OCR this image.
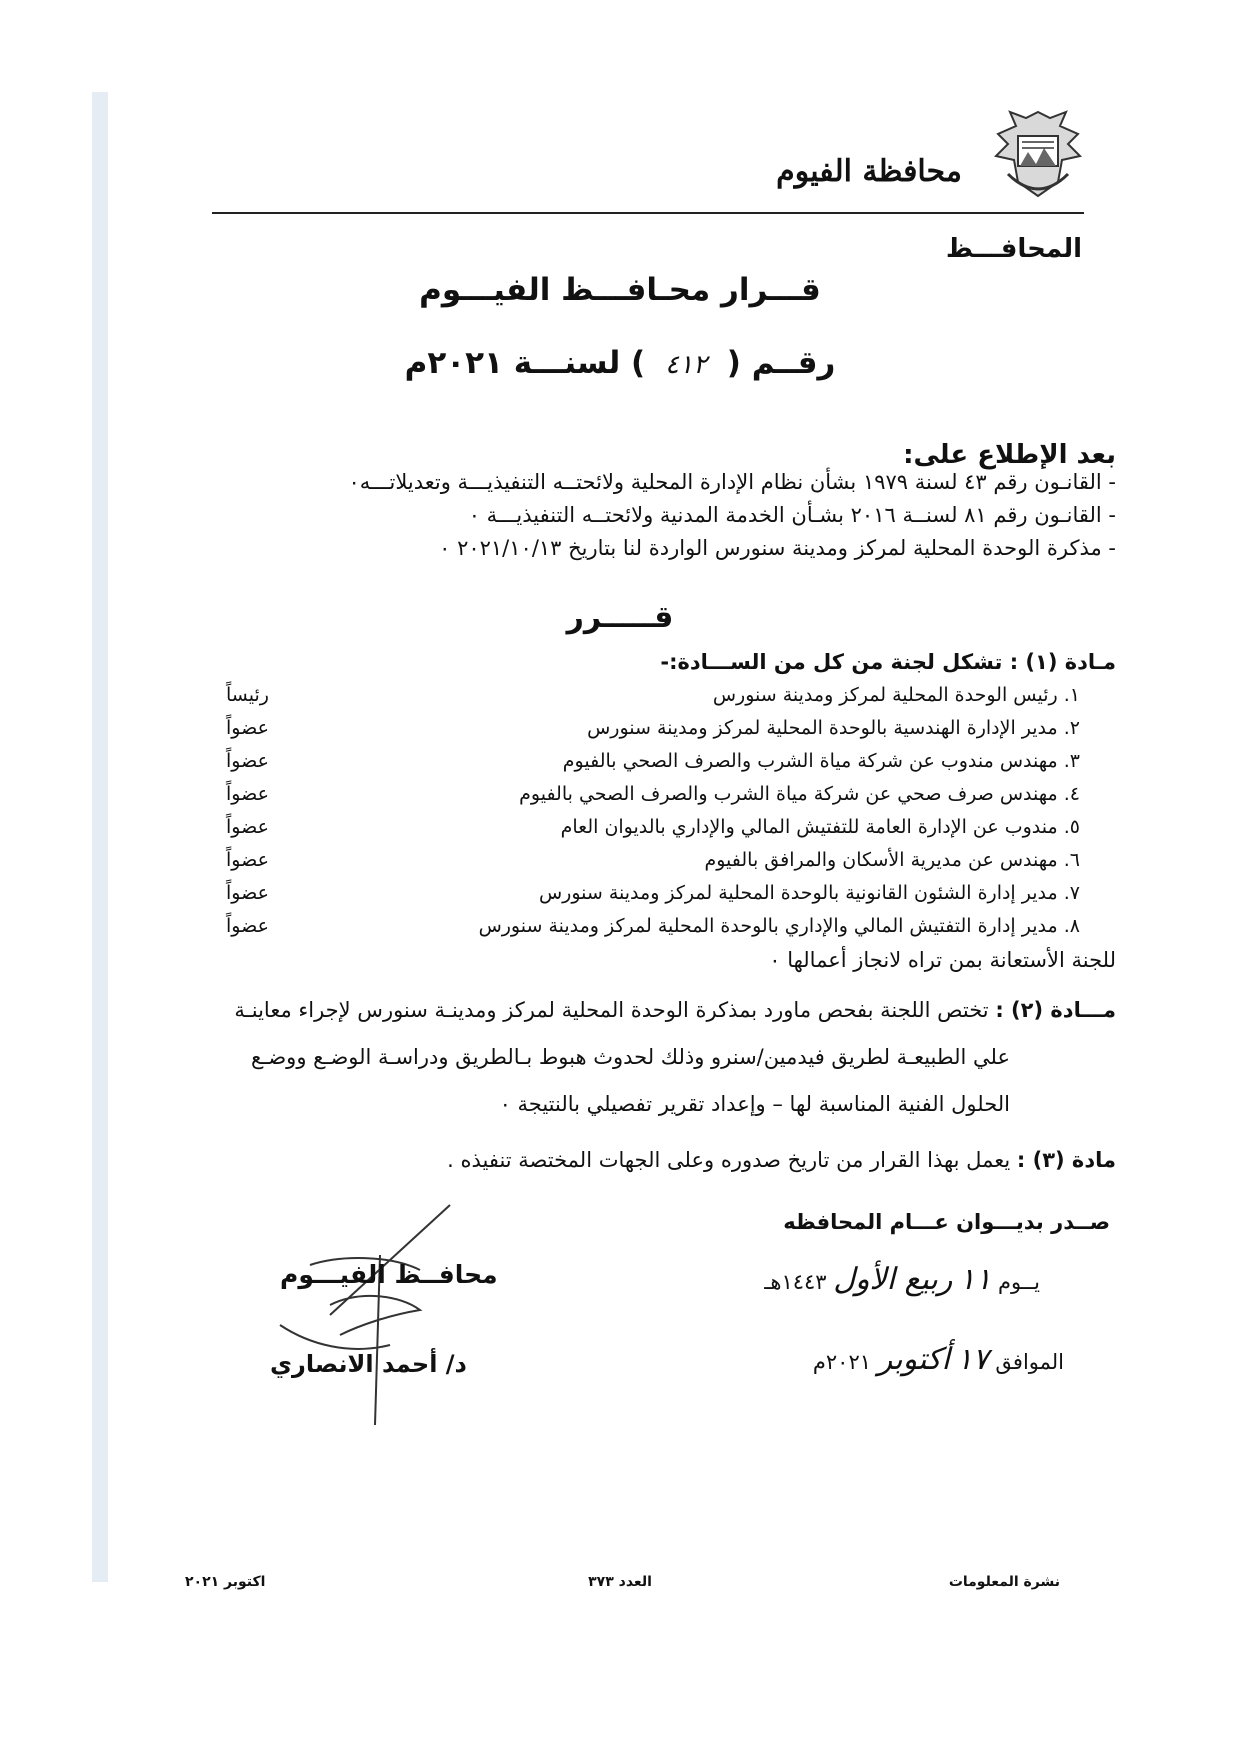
محافظة الفيوم
المحافـــظ
قـــرار محـافـــظ الفيـــوم
رقــم ( ٤١٢ ) لسنـــة ٢٠٢١م
بعد الإطلاع على:
- القانـون رقم ٤٣ لسنة ١٩٧٩ بشأن نظام الإدارة المحلية ولائحتــه التنفيذيـــة وتعديلاتـــه٠
- القانـون رقم ٨١ لسنــة ٢٠١٦ بشـأن الخدمة المدنية ولائحتــه التنفيذيـــة ٠
- مذكرة الوحدة المحلية لمركز ومدينة سنورس الواردة لنا بتاريخ ٢٠٢١/١٠/١٣ ٠
قـــــرر
مـادة (١) : تشكل لجنة من كل من الســـادة:-
١. رئيس الوحدة المحلية لمركز ومدينة سنورس
رئيساً
٢. مدير الإدارة الهندسية بالوحدة المحلية لمركز ومدينة سنورس
عضواً
٣. مهندس مندوب عن شركة مياة الشرب والصرف الصحي بالفيوم
عضواً
٤. مهندس صرف صحي عن شركة مياة الشرب والصرف الصحي بالفيوم
عضواً
٥. مندوب عن الإدارة العامة للتفتيش المالي والإداري بالديوان العام
عضواً
٦. مهندس عن مديرية الأسكان والمرافق بالفيوم
عضواً
٧. مدير إدارة الشئون القانونية بالوحدة المحلية لمركز ومدينة سنورس
عضواً
٨. مدير إدارة التفتيش المالي والإداري بالوحدة المحلية لمركز ومدينة سنورس
عضواً
للجنة الأستعانة بمن تراه لانجاز أعمالها ٠
مـــادة (٢) : تختص اللجنة بفحص ماورد بمذكرة الوحدة المحلية لمركز ومدينـة سنورس لإجراء معاينـة
علي الطبيعـة لطريق فيدمين/سنرو وذلك لحدوث هبوط بـالطريق ودراسـة الوضـع ووضـع
الحلول الفنية المناسبة لها – وإعداد تقرير تفصيلي بالنتيجة ٠
مادة (٣) : يعمل بهذا القرار من تاريخ صدوره وعلى الجهات المختصة تنفيذه .
صــدر بديـــوان عـــام المحافظه
يــوم ١١ ربيع الأول ١٤٤٣هـ
الموافق ١٧ أكتوبر ٢٠٢١م
محافــظ الفيـــوم
د/ أحمد الانصاري
نشرة المعلومات
العدد ٣٧٣
اكتوبر ٢٠٢١
